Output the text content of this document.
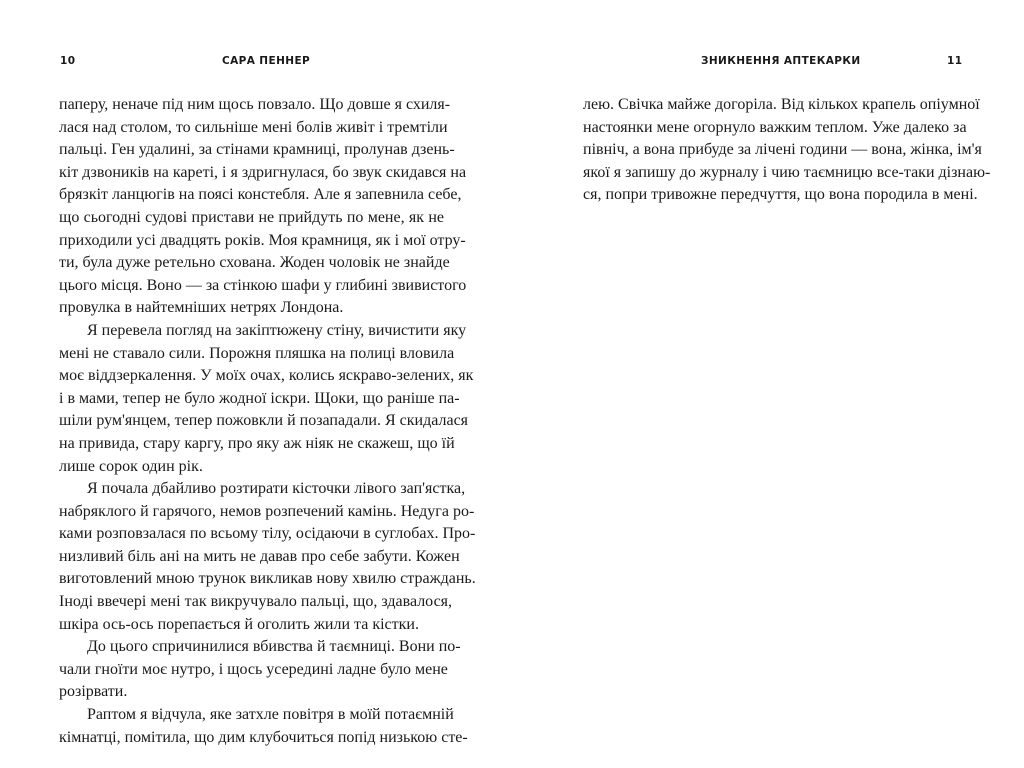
10	САРА ПЕННЕР	ЗНИКНЕННЯ АПТЕКАРКИ	11
паперу, неначе під ним щось повзало. Що довше я схиля-
лася над столом, то сильніше мені болів живіт і тремтіли
пальці. Ген удалині, за стінами крамниці, пролунав дзень-
кіт дзвоників на кареті, і я здригнулася, бо звук скидався на
брязкіт ланцюгів на поясі констебля. Але я запевнила себе,
що сьогодні судові пристави не прийдуть по мене, як не
приходили усі двадцять років. Моя крамниця, як і мої отру-
ти, була дуже ретельно схована. Жоден чоловік не знайде
цього місця. Воно — за стінкою шафи у глибині звивистого
провулка в найтемніших нетрях Лондона.
Я перевела погляд на закіптюжену стіну, вичистити яку
мені не ставало сили. Порожня пляшка на полиці вловила
моє віддзеркалення. У моїх очах, колись яскраво-зелених, як
і в мами, тепер не було жодної іскри. Щоки, що раніше па-
шіли рум'янцем, тепер пожовкли й позападали. Я скидалася
на привида, стару каргу, про яку аж ніяк не скажеш, що їй
лише сорок один рік.
Я почала дбайливо розтирати кісточки лівого зап'ястка,
набряклого й гарячого, немов розпечений камінь. Недуга ро-
ками розповзалася по всьому тілу, осідаючи в суглобах. Про-
низливий біль ані на мить не давав про себе забути. Кожен
виготовлений мною трунок викликав нову хвилю страждань.
Іноді ввечері мені так викручувало пальці, що, здавалося,
шкіра ось-ось порепається й оголить жили та кістки.
До цього спричинилися вбивства й таємниці. Вони по-
чали гноїти моє нутро, і щось усередині ладне було мене
розірвати.
Раптом я відчула, яке затхле повітря в моїй потаємній
кімнатці, помітила, що дим клубочиться попід низькою сте-
лею. Свічка майже догоріла. Від кількох крапель опіумної
настоянки мене огорнуло важким теплом. Уже далеко за
північ, а вона прибуде за лічені години — вона, жінка, ім'я
якої я запишу до журналу і чию таємницю все-таки дізнаю-
ся, попри тривожне передчуття, що вона породила в мені.
